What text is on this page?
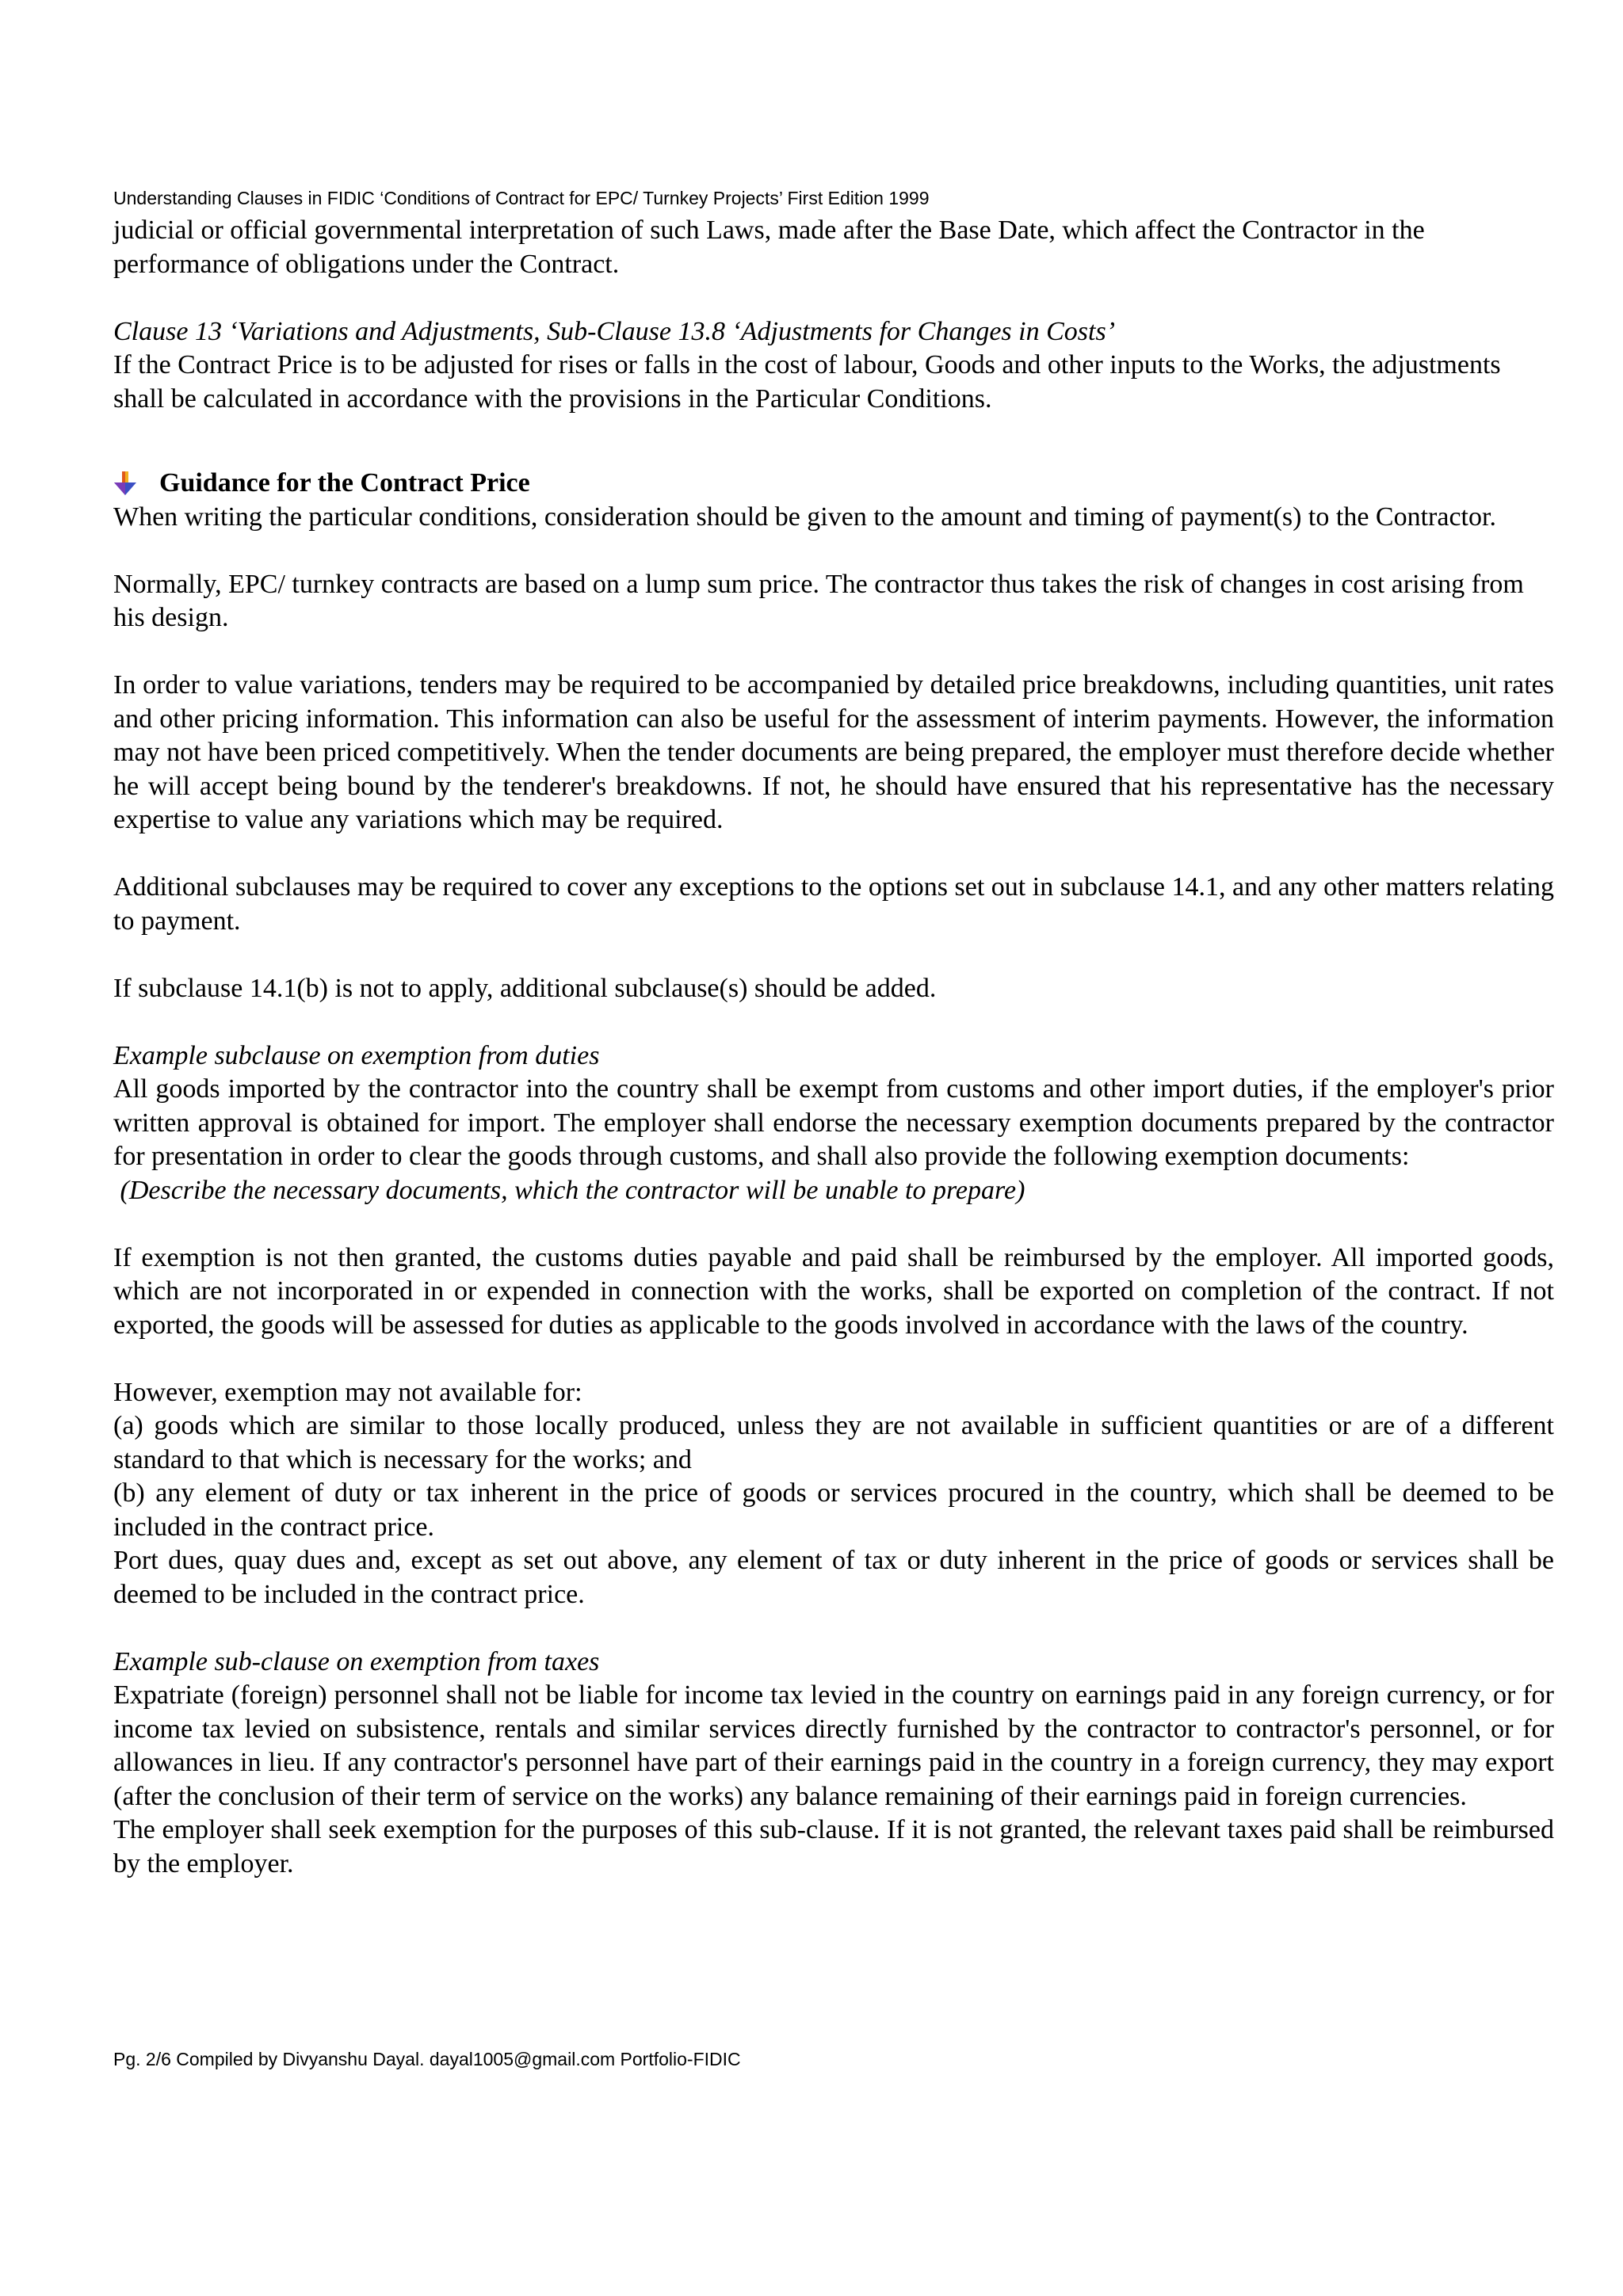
Understanding Clauses in FIDIC ‘Conditions of Contract for EPC/ Turnkey Projects’ First Edition 1999

judicial or official governmental interpretation of such Laws, made after the Base Date, which affect the Contractor in the performance of obligations under the Contract.

Clause 13 ‘Variations and Adjustments, Sub-Clause 13.8 ‘Adjustments for Changes in Costs’

If the Contract Price is to be adjusted for rises or falls in the cost of labour, Goods and other inputs to the Works, the adjustments shall be calculated in accordance with the provisions in the Particular Conditions.

Guidance for the Contract Price

When writing the particular conditions, consideration should be given to the amount and timing of payment(s) to the Contractor.

Normally, EPC/ turnkey contracts are based on a lump sum price. The contractor thus takes the risk of changes in cost arising from his design.

In order to value variations, tenders may be required to be accompanied by detailed price breakdowns, including quantities, unit rates and other pricing information. This information can also be useful for the assessment of interim payments. However, the information may not have been priced competitively. When the tender documents are being prepared, the employer must therefore decide whether he will accept being bound by the tenderer's breakdowns. If not, he should have ensured that his representative has the necessary expertise to value any variations which may be required.

Additional subclauses may be required to cover any exceptions to the options set out in subclause 14.1, and any other matters relating to payment.

If subclause 14.1(b) is not to apply, additional subclause(s) should be added.

Example subclause on exemption from duties

All goods imported by the contractor into the country shall be exempt from customs and other import duties, if the employer's prior written approval is obtained for import. The employer shall endorse the necessary exemption documents prepared by the contractor for presentation in order to clear the goods through customs, and shall also provide the following exemption documents:

(Describe the necessary documents, which the contractor will be unable to prepare)

If exemption is not then granted, the customs duties payable and paid shall be reimbursed by the employer. All imported goods, which are not incorporated in or expended in connection with the works, shall be exported on completion of the contract. If not exported, the goods will be assessed for duties as applicable to the goods involved in accordance with the laws of the country.

However, exemption may not available for:

(a) goods which are similar to those locally produced, unless they are not available in sufficient quantities or are of a different standard to that which is necessary for the works; and

(b) any element of duty or tax inherent in the price of goods or services procured in the country, which shall be deemed to be included in the contract price.

Port dues, quay dues and, except as set out above, any element of tax or duty inherent in the price of goods or services shall be deemed to be included in the contract price.

Example sub-clause on exemption from taxes

Expatriate (foreign) personnel shall not be liable for income tax levied in the country on earnings paid in any foreign currency, or for income tax levied on subsistence, rentals and similar services directly furnished by the contractor to contractor's personnel, or for allowances in lieu. If any contractor's personnel have part of their earnings paid in the country in a foreign currency, they may export (after the conclusion of their term of service on the works) any balance remaining of their earnings paid in foreign currencies.

The employer shall seek exemption for the purposes of this sub-clause. If it is not granted, the relevant taxes paid shall be reimbursed by the employer.

Pg. 2/6 Compiled by Divyanshu Dayal. dayal1005@gmail.com Portfolio-FIDIC
